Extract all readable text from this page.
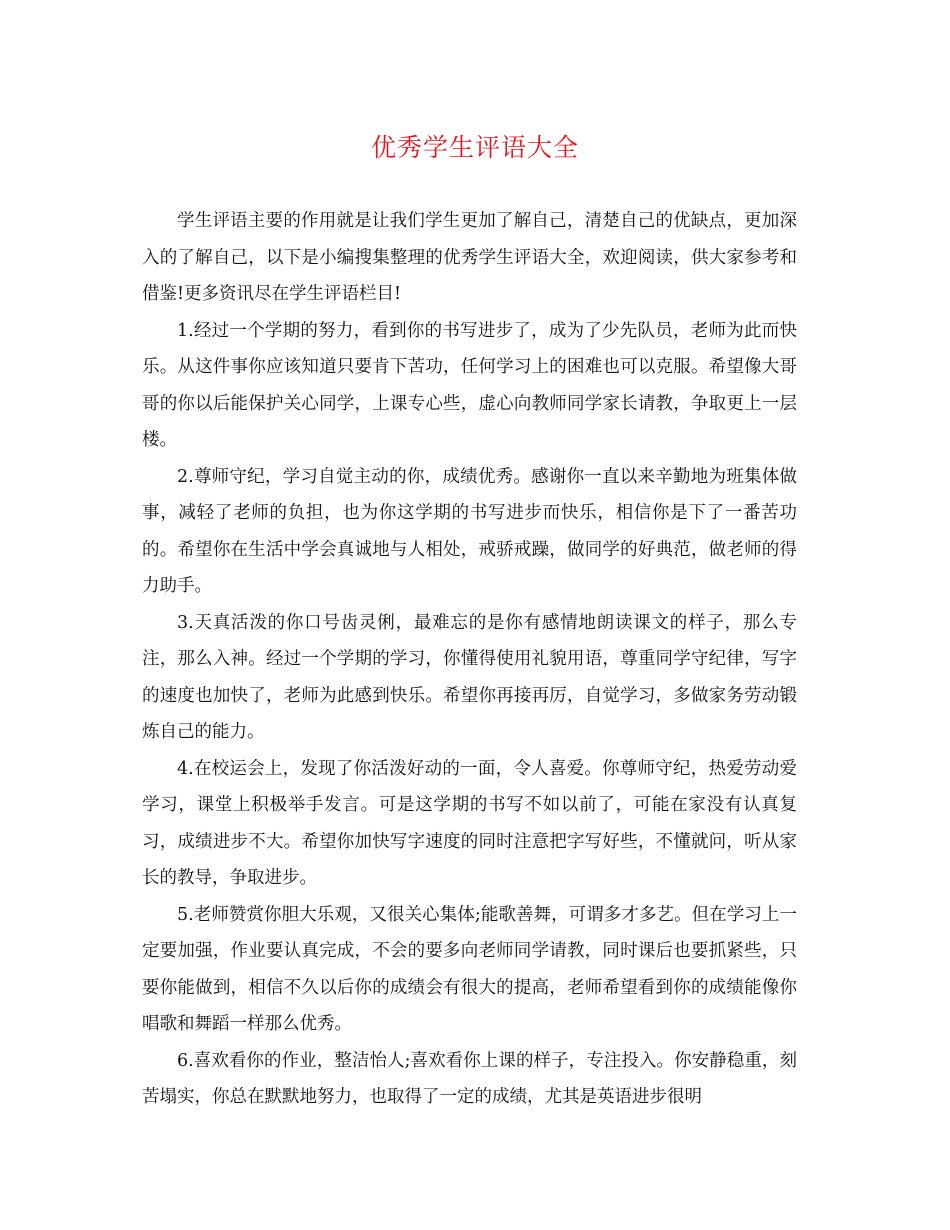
优秀学生评语大全

学生评语主要的作用就是让我们学生更加了解自己，清楚自己的优缺点，更加深入的了解自己，以下是小编搜集整理的优秀学生评语大全，欢迎阅读，供大家参考和借鉴!更多资讯尽在学生评语栏目!

1.经过一个学期的努力，看到你的书写进步了，成为了少先队员，老师为此而快乐。从这件事你应该知道只要肯下苦功，任何学习上的困难也可以克服。希望像大哥哥的你以后能保护关心同学，上课专心些，虚心向教师同学家长请教，争取更上一层楼。

2.尊师守纪，学习自觉主动的你，成绩优秀。感谢你一直以来辛勤地为班集体做事，减轻了老师的负担，也为你这学期的书写进步而快乐，相信你是下了一番苦功的。希望你在生活中学会真诚地与人相处，戒骄戒躁，做同学的好典范，做老师的得力助手。

3.天真活泼的你口号齿灵俐，最难忘的是你有感情地朗读课文的样子，那么专注，那么入神。经过一个学期的学习，你懂得使用礼貌用语，尊重同学守纪律，写字的速度也加快了，老师为此感到快乐。希望你再接再厉，自觉学习，多做家务劳动锻炼自己的能力。

4.在校运会上，发现了你活泼好动的一面，令人喜爱。你尊师守纪，热爱劳动爱学习，课堂上积极举手发言。可是这学期的书写不如以前了，可能在家没有认真复习，成绩进步不大。希望你加快写字速度的同时注意把字写好些，不懂就问，听从家长的教导，争取进步。

5.老师赞赏你胆大乐观，又很关心集体;能歌善舞，可谓多才多艺。但在学习上一定要加强，作业要认真完成，不会的要多向老师同学请教，同时课后也要抓紧些，只要你能做到，相信不久以后你的成绩会有很大的提高，老师希望看到你的成绩能像你唱歌和舞蹈一样那么优秀。

6.喜欢看你的作业，整洁怡人;喜欢看你上课的样子，专注投入。你安静稳重，刻苦塌实，你总在默默地努力，也取得了一定的成绩，尤其是英语进步很明
